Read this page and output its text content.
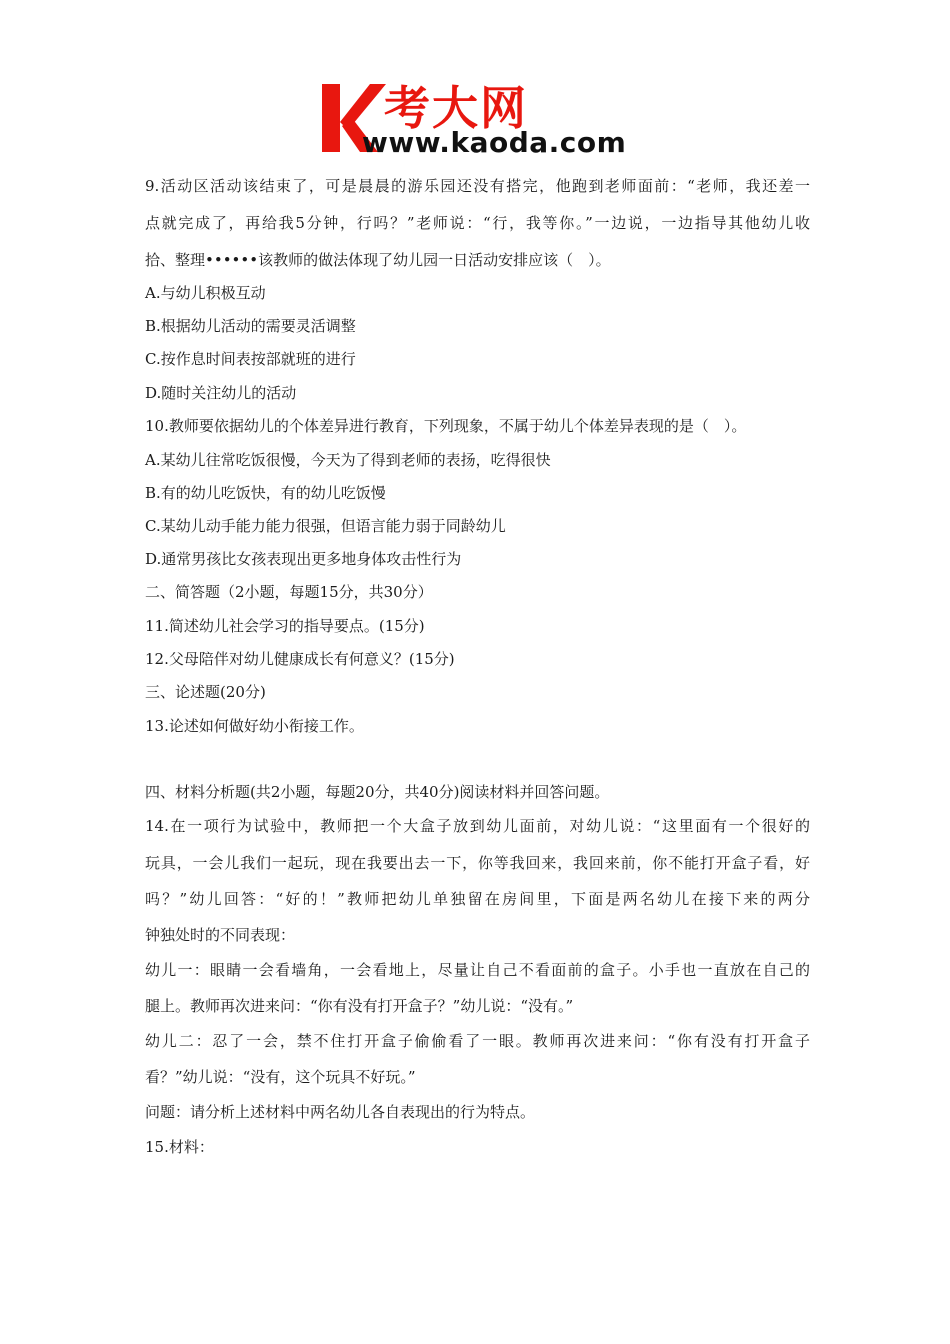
考大网
www.kaoda.com
9.活动区活动该结束了，可是晨晨的游乐园还没有搭完，他跑到老师面前：“老师，我还差一
点就完成了，再给我5分钟，行吗？”老师说：“行，我等你。”一边说，一边指导其他幼儿收
拾、整理••••••该教师的做法体现了幼儿园一日活动安排应该（　）。
A.与幼儿积极互动
B.根据幼儿活动的需要灵活调整
C.按作息时间表按部就班的进行
D.随时关注幼儿的活动
10.教师要依据幼儿的个体差异进行教育，下列现象，不属于幼儿个体差异表现的是（　）。
A.某幼儿往常吃饭很慢，今天为了得到老师的表扬，吃得很快
B.有的幼儿吃饭快，有的幼儿吃饭慢
C.某幼儿动手能力能力很强，但语言能力弱于同龄幼儿
D.通常男孩比女孩表现出更多地身体攻击性行为
二、简答题（2小题，每题15分，共30分）
11.简述幼儿社会学习的指导要点。(15分)
12.父母陪伴对幼儿健康成长有何意义？(15分)
三、论述题(20分)
13.论述如何做好幼小衔接工作。
四、材料分析题(共2小题，每题20分，共40分)阅读材料并回答问题。
14.在一项行为试验中，教师把一个大盒子放到幼儿面前，对幼儿说：“这里面有一个很好的
玩具，一会儿我们一起玩，现在我要出去一下，你等我回来，我回来前，你不能打开盒子看，好
吗？”幼儿回答：“好的！”教师把幼儿单独留在房间里，下面是两名幼儿在接下来的两分
钟独处时的不同表现：
幼儿一：眼睛一会看墙角，一会看地上，尽量让自己不看面前的盒子。小手也一直放在自己的
腿上。教师再次进来问：“你有没有打开盒子？”幼儿说：“没有。”
幼儿二：忍了一会，禁不住打开盒子偷偷看了一眼。教师再次进来问：“你有没有打开盒子
看？”幼儿说：“没有，这个玩具不好玩。”
问题：请分析上述材料中两名幼儿各自表现出的行为特点。
15.材料：
